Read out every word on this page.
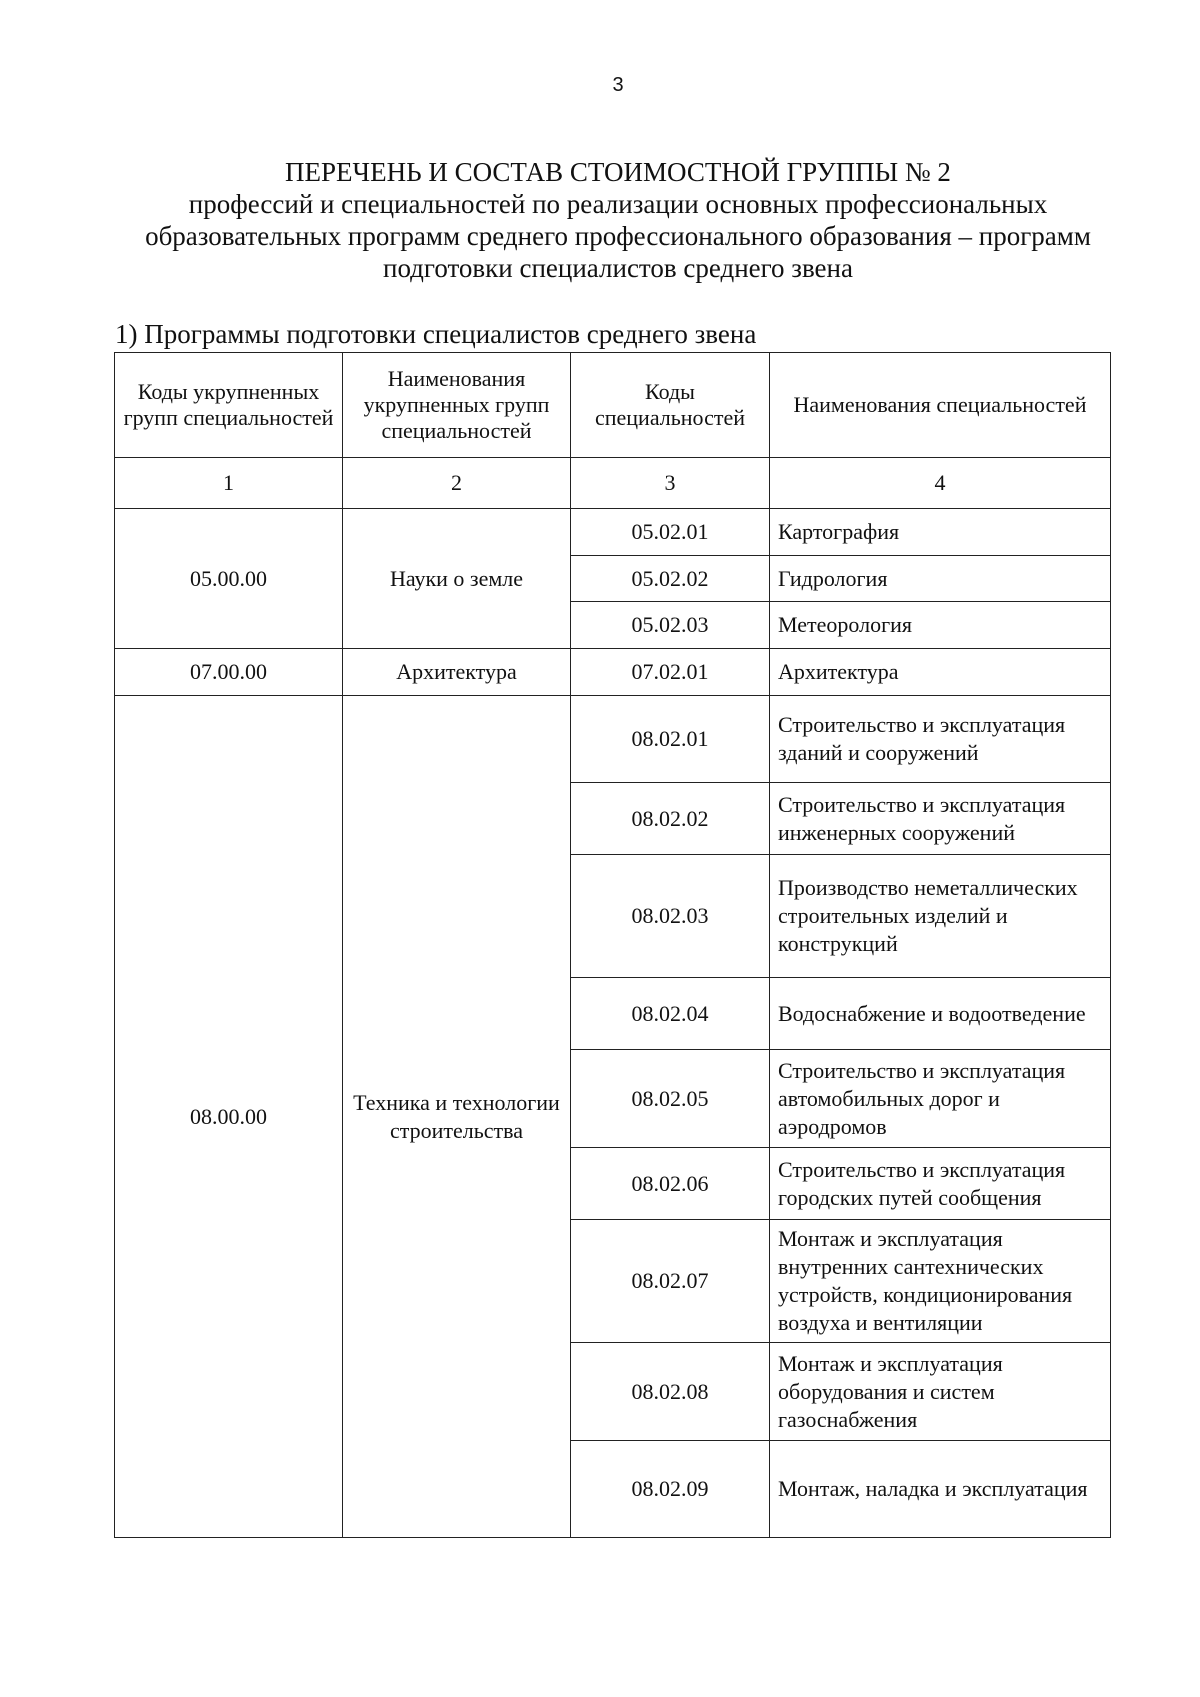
3
ПЕРЕЧЕНЬ И СОСТАВ СТОИМОСТНОЙ ГРУППЫ № 2
профессий и специальностей по реализации основных профессиональных
образовательных программ среднего профессионального образования – программ
подготовки специалистов среднего звена
1) Программы подготовки специалистов среднего звена
Коды укрупненных групп специальностей	Наименования укрупненных групп специальностей	Коды специальностей	Наименования специальностей
1	2	3	4
05.00.00	Науки о земле	05.02.01	Картография
		05.02.02	Гидрология
		05.02.03	Метеорология
07.00.00	Архитектура	07.02.01	Архитектура
08.00.00	Техника и технологии строительства	08.02.01	Строительство и эксплуатация зданий и сооружений
		08.02.02	Строительство и эксплуатация инженерных сооружений
		08.02.03	Производство неметаллических строительных изделий и конструкций
		08.02.04	Водоснабжение и водоотведение
		08.02.05	Строительство и эксплуатация автомобильных дорог и аэродромов
		08.02.06	Строительство и эксплуатация городских путей сообщения
		08.02.07	Монтаж и эксплуатация внутренних сантехнических устройств, кондиционирования воздуха и вентиляции
		08.02.08	Монтаж и эксплуатация оборудования и систем газоснабжения
		08.02.09	Монтаж, наладка и эксплуатация
